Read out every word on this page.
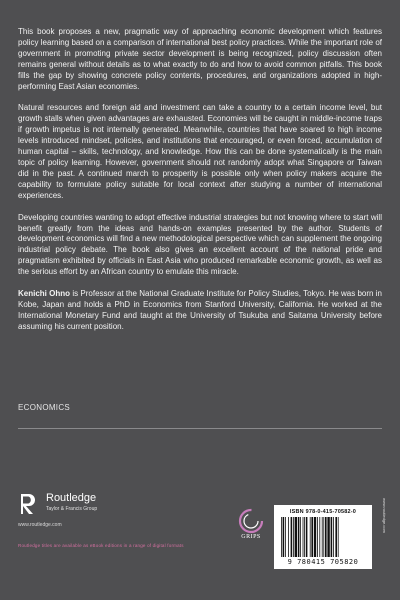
This book proposes a new, pragmatic way of approaching economic development which features policy learning based on a comparison of international best policy practices. While the important role of government in promoting private sector development is being recognized, policy discussion often remains general without details as to what exactly to do and how to avoid common pitfalls. This book fills the gap by showing concrete policy contents, procedures, and organizations adopted in high-performing East Asian economies.

Natural resources and foreign aid and investment can take a country to a certain income level, but growth stalls when given advantages are exhausted. Economies will be caught in middle-income traps if growth impetus is not internally generated. Meanwhile, countries that have soared to high income levels introduced mindset, policies, and institutions that encouraged, or even forced, accumulation of human capital – skills, technology, and knowledge. How this can be done systematically is the main topic of policy learning. However, government should not randomly adopt what Singapore or Taiwan did in the past. A continued march to prosperity is possible only when policy makers acquire the capability to formulate policy suitable for local context after studying a number of international experiences.

Developing countries wanting to adopt effective industrial strategies but not knowing where to start will benefit greatly from the ideas and hands-on examples presented by the author. Students of development economics will find a new methodological perspective which can supplement the ongoing industrial policy debate. The book also gives an excellent account of the national pride and pragmatism exhibited by officials in East Asia who produced remarkable economic growth, as well as the serious effort by an African country to emulate this miracle.

Kenichi Ohno is Professor at the National Graduate Institute for Policy Studies, Tokyo. He was born in Kobe, Japan and holds a PhD in Economics from Stanford University, California. He worked at the International Monetary Fund and taught at the University of Tsukuba and Saitama University before assuming his current position.

ECONOMICS
Routledge
Taylor & Francis Group
www.routledge.com
Routledge titles are available as eBook editions in a range of digital formats
GRIPS
ISBN 978-0-415-70582-0
9 780415 705820
www.routledge.com
